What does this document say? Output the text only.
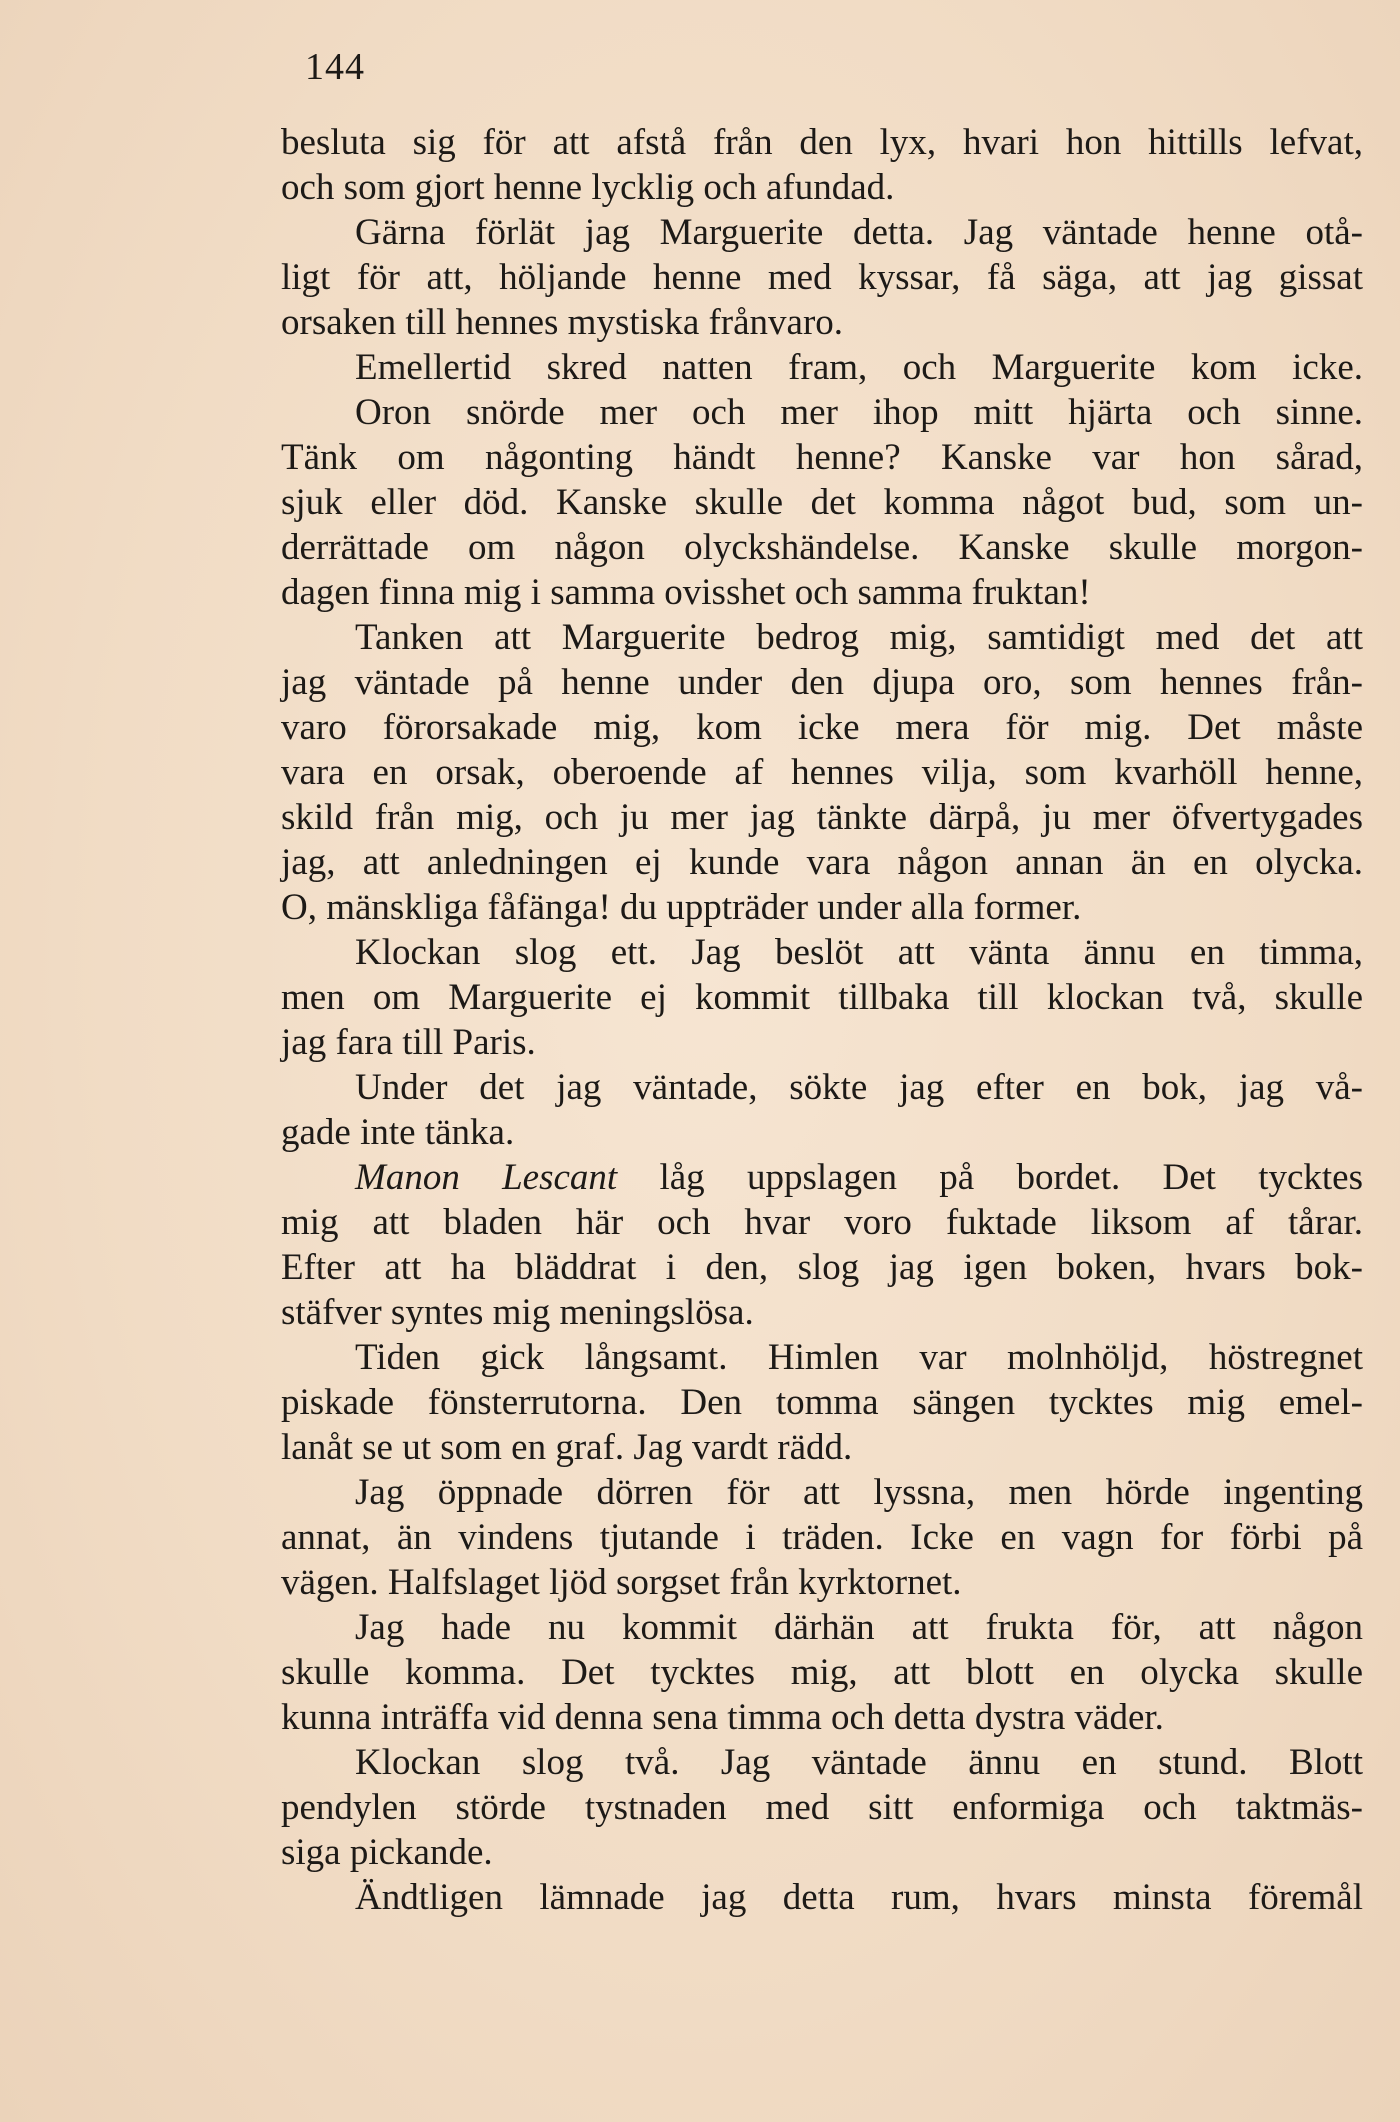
144
besluta sig för att afstå från den lyx, hvari hon hittills lefvat,
och som gjort henne lycklig och afundad.
Gärna förlät jag Marguerite detta. Jag väntade henne otå-
ligt för att, höljande henne med kyssar, få säga, att jag gissat
orsaken till hennes mystiska frånvaro.
Emellertid skred natten fram, och Marguerite kom icke.
Oron snörde mer och mer ihop mitt hjärta och sinne.
Tänk om någonting händt henne? Kanske var hon sårad,
sjuk eller död. Kanske skulle det komma något bud, som un-
derrättade om någon olyckshändelse. Kanske skulle morgon-
dagen finna mig i samma ovisshet och samma fruktan!
Tanken att Marguerite bedrog mig, samtidigt med det att
jag väntade på henne under den djupa oro, som hennes från-
varo förorsakade mig, kom icke mera för mig. Det måste
vara en orsak, oberoende af hennes vilja, som kvarhöll henne,
skild från mig, och ju mer jag tänkte därpå, ju mer öfvertygades
jag, att anledningen ej kunde vara någon annan än en olycka.
O, mänskliga fåfänga! du uppträder under alla former.
Klockan slog ett. Jag beslöt att vänta ännu en timma,
men om Marguerite ej kommit tillbaka till klockan två, skulle
jag fara till Paris.
Under det jag väntade, sökte jag efter en bok, jag vå-
gade inte tänka.
Manon Lescant låg uppslagen på bordet. Det tycktes
mig att bladen här och hvar voro fuktade liksom af tårar.
Efter att ha bläddrat i den, slog jag igen boken, hvars bok-
stäfver syntes mig meningslösa.
Tiden gick långsamt. Himlen var molnhöljd, höstregnet
piskade fönsterrutorna. Den tomma sängen tycktes mig emel-
lanåt se ut som en graf. Jag vardt rädd.
Jag öppnade dörren för att lyssna, men hörde ingenting
annat, än vindens tjutande i träden. Icke en vagn for förbi på
vägen. Halfslaget ljöd sorgset från kyrktornet.
Jag hade nu kommit därhän att frukta för, att någon
skulle komma. Det tycktes mig, att blott en olycka skulle
kunna inträffa vid denna sena timma och detta dystra väder.
Klockan slog två. Jag väntade ännu en stund. Blott
pendylen störde tystnaden med sitt enformiga och taktmäs-
siga pickande.
Ändtligen lämnade jag detta rum, hvars minsta föremål
